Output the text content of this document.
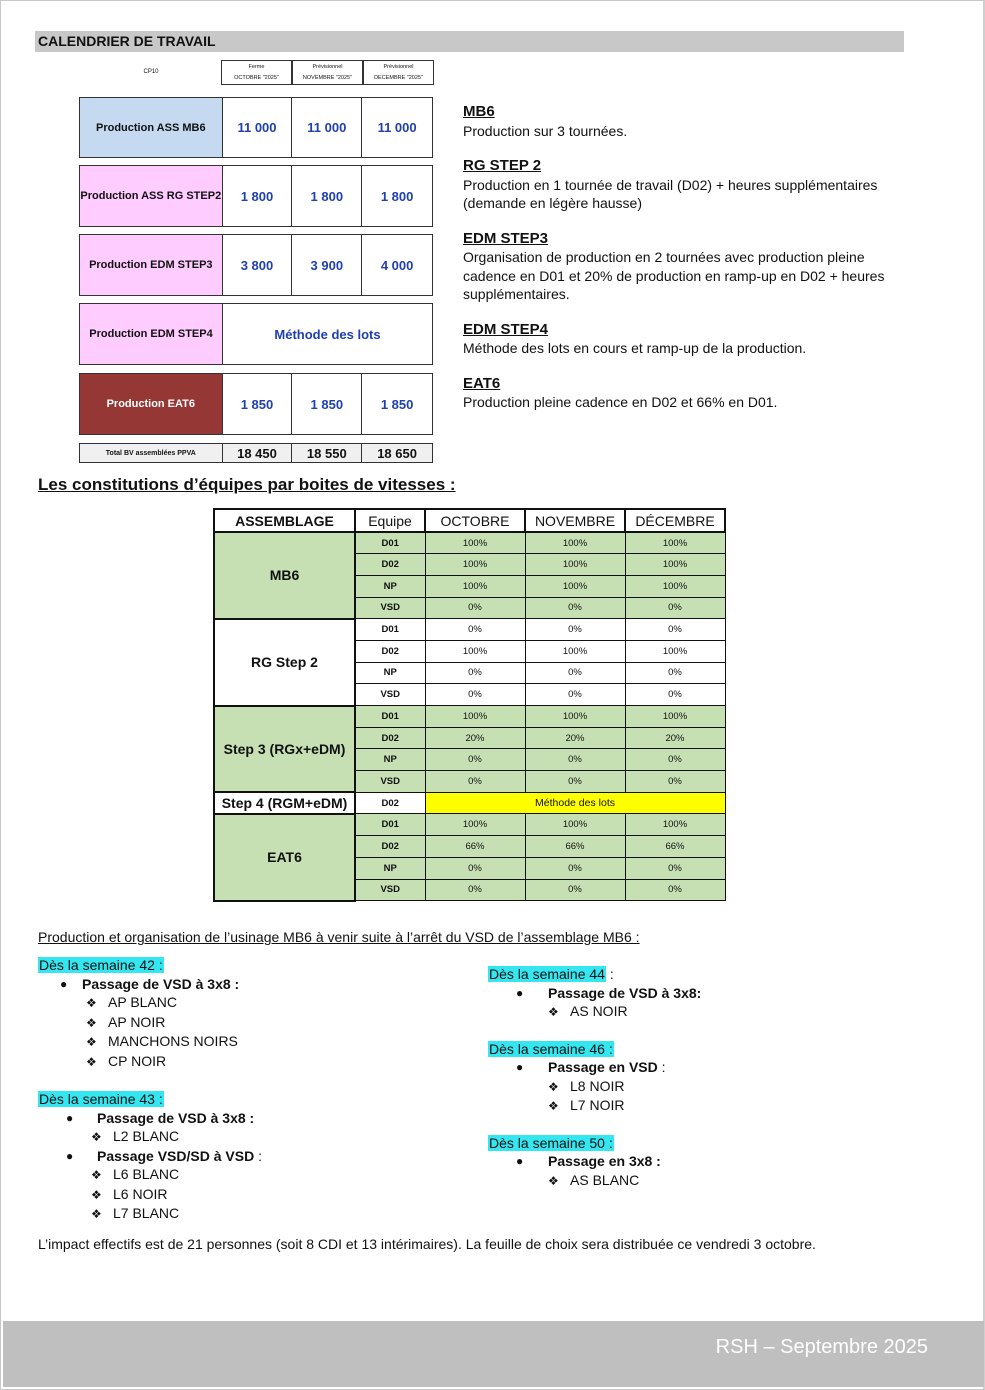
CALENDRIER DE TRAVAIL
CP10
Ferme
OCTOBRE "2025"
Prévisionnel
NOVEMBRE "2025"
Prévisionnel
DECEMBRE "2025"
Production ASS MB6	11 000	11 000	11 000
Production ASS RG STEP2	1 800	1 800	1 800
Production EDM STEP3	3 800	3 900	4 000
Production EDM STEP4	Méthode des lots
Production EAT6	1 850	1 850	1 850
Total BV assemblées PPVA	18 450	18 550	18 650
MB6
Production sur 3 tournées.
RG STEP 2
Production en 1 tournée de travail (D02) + heures supplémentaires (demande en légère hausse)
EDM STEP3
Organisation de production en 2 tournées avec production pleine cadence en D01 et 20% de production en ramp-up en D02 + heures supplémentaires.
EDM STEP4
Méthode des lots en cours et ramp-up de la production.
EAT6
Production pleine cadence en D02 et 66% en D01.
Les constitutions d’équipes par boites de vitesses :
ASSEMBLAGE	Equipe	OCTOBRE	NOVEMBRE	DÉCEMBRE
MB6	D01	100%	100%	100%
	D02	100%	100%	100%
	NP	100%	100%	100%
	VSD	0%	0%	0%
RG Step 2	D01	0%	0%	0%
	D02	100%	100%	100%
	NP	0%	0%	0%
	VSD	0%	0%	0%
Step 3 (RGx+eDM)	D01	100%	100%	100%
	D02	20%	20%	20%
	NP	0%	0%	0%
	VSD	0%	0%	0%
Step 4 (RGM+eDM)	D02	Méthode des lots		
EAT6	D01	100%	100%	100%
	D02	66%	66%	66%
	NP	0%	0%	0%
	VSD	0%	0%	0%
Production et organisation de l’usinage MB6 à venir suite à l’arrêt du VSD de l’assemblage MB6 :
Dès la semaine 42 :
●	Passage de VSD à 3x8 :
❖ AP BLANC
❖ AP NOIR
❖ MANCHONS NOIRS
❖ CP NOIR
Dès la semaine 43 :
●	Passage de VSD à 3x8 :
❖ L2 BLANC
●	Passage VSD/SD à VSD :
❖ L6 BLANC
❖ L6 NOIR
❖ L7 BLANC
Dès la semaine 44 :
●	Passage de VSD à 3x8:
❖ AS NOIR
Dès la semaine 46 :
●	Passage en VSD :
❖ L8 NOIR
❖ L7 NOIR
Dès la semaine 50 :
●	Passage en 3x8 :
❖ AS BLANC
L’impact effectifs est de 21 personnes (soit 8 CDI et 13 intérimaires). La feuille de choix sera distribuée ce vendredi 3 octobre.
RSH – Septembre 2025
